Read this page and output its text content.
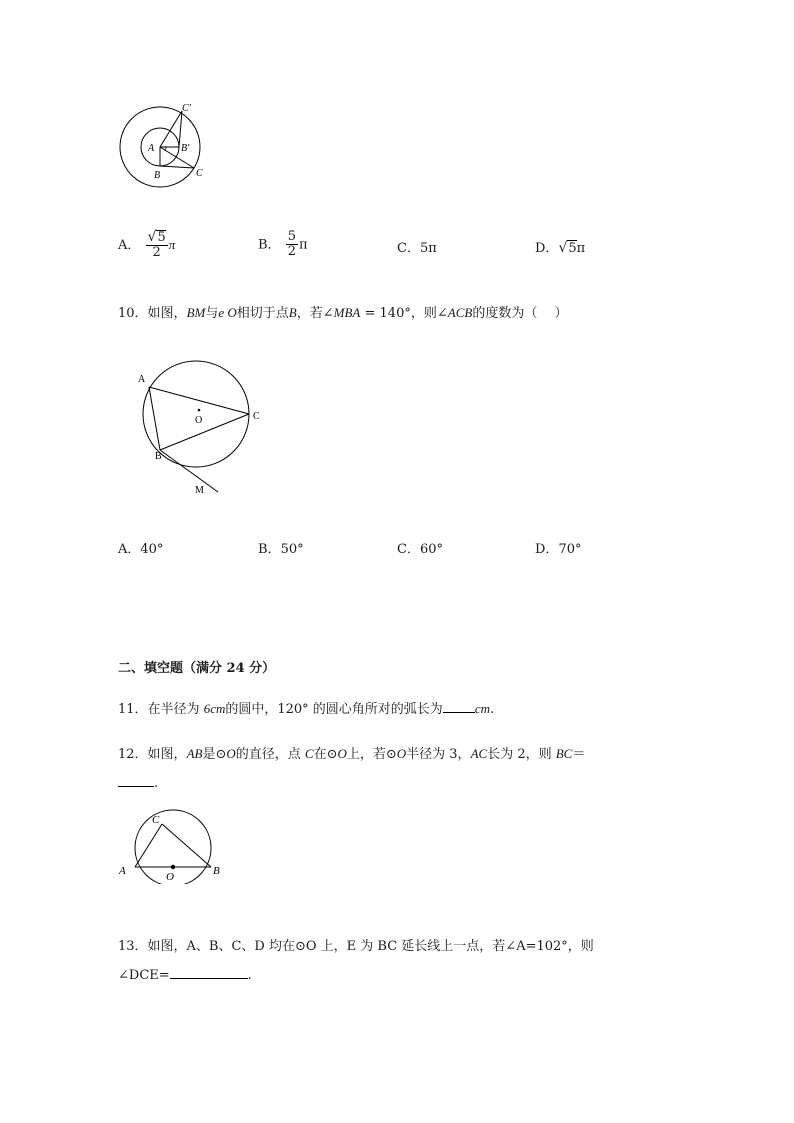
C'
A	B'
B	C
A． $\frac{√5}{2}$ π	B． $\frac{5}{2}$ π	C．5π	D．√5π
10．如图，BM与e O相切于点B，若∠MBA = 140°，则∠ACB的度数为（　 ）
A
O	C
B
M
A．40°	B．50°	C．60°	D．70°
二、填空题（满分 24 分）
11．在半径为 6cm的圆中，120° 的圆心角所对的弧长为 cm.
12．如图，AB是⊙O的直径，点 C在⊙O上，若⊙O半径为 3，AC长为 2，则 BC＝
.
C
A	O	B
13．如图，A、B、C、D 均在⊙O 上，E 为 BC 延长线上一点，若∠A=102°，则
∠DCE=	.
